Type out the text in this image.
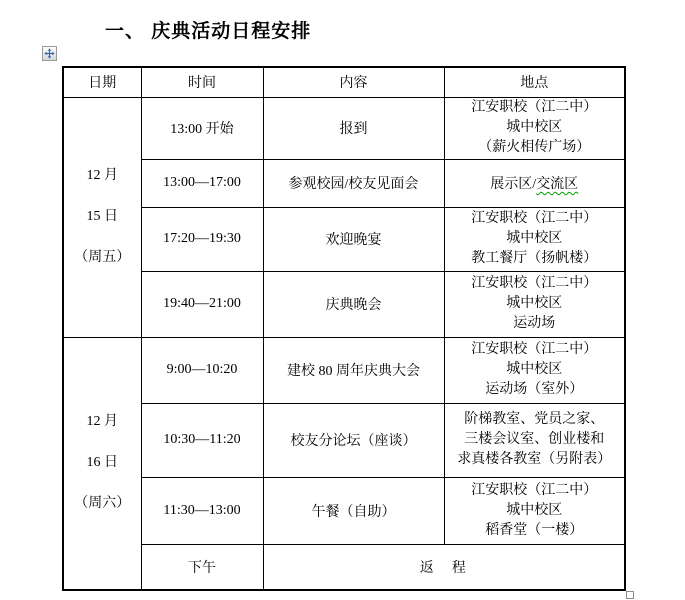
一、 庆典活动日程安排
日期	时间	内容	地点

12 月
15 日
（周五）
	13:00 开始	报到	
江安职校（江二中）
城中校区
（薪火相传广场）

	13:00—17:00	参观校园/校友见面会	展示区/交流区
	17:20—19:30	欢迎晚宴	江安职校（江二中）
城中校区
教工餐厅（扬帆楼）

	19:40—21:00	庆典晚会	江安职校（江二中）
城中校区
运动场

12 月
16 日
（周六）
	9:00—10:20	建校 80 周年庆典大会	
江安职校（江二中）
城中校区
运动场（室外）

	10:30—11:20	校友分论坛（座谈）	阶梯教室、党员之家、
三楼会议室、创业楼和
求真楼各教室（另附表）

	11:30—13:00	午餐（自助）	江安职校（江二中）
城中校区
稻香堂（一楼）

	下午	返　程	
